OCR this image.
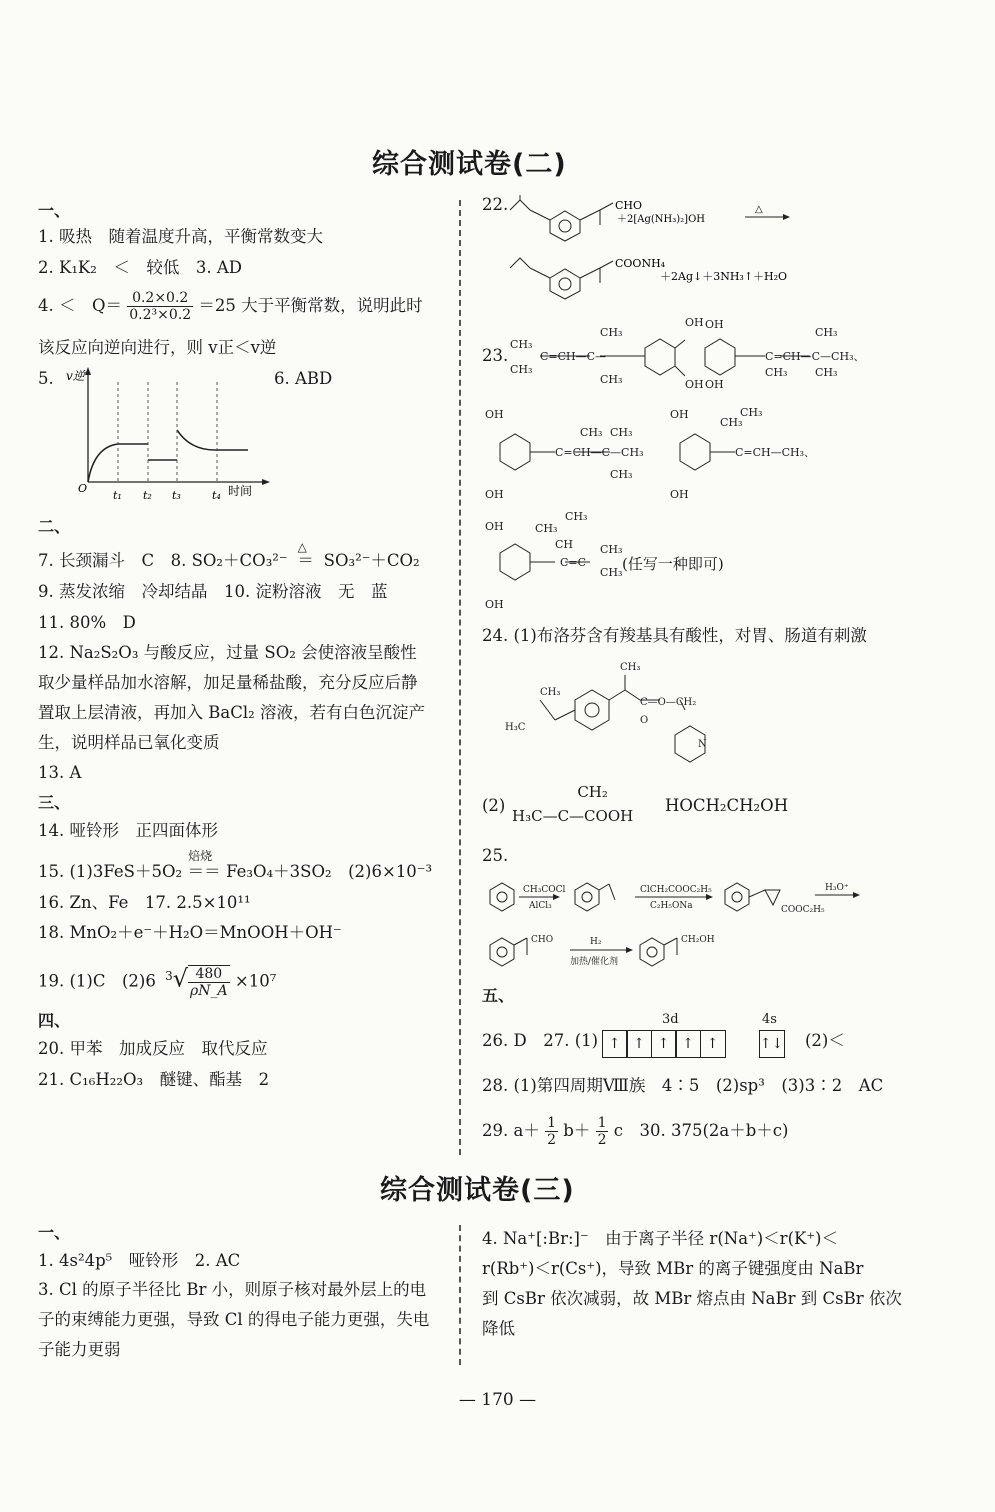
综合测试卷(二)
一、
1. 吸热　随着温度升高，平衡常数变大
2. K₁K₂　＜　较低　3. AD
4. ＜　$Q= \frac{0.2\times 0.2}{\text{0.2³×0.2}} =25$ 大于平衡常数，说明此时
该反应向逆向进行，则 v正＜v逆
5.	6. ABD
v逆
O
t₁ t₂ t₃	t₄ 时间
二、
7. 长颈漏斗　C　8. SO₂＋CO₃²⁻
△
＝ SO₃²⁻＋CO₂
9. 蒸发浓缩　冷却结晶　10. 淀粉溶液　无　蓝
11. 80%　D
12. Na₂S₂O₃ 与酸反应，过量 SO₂ 会使溶液呈酸性
取少量样品加水溶解，加足量稀盐酸，充分反应后静
置取上层清液，再加入 BaCl₂ 溶液，若有白色沉淀产
生，说明样品已氧化变质
13. A
三、
14. 哑铃形　正四面体形
15. (1)3FeS＋5O₂
焙烧
＝＝ Fe₃O₄＋3SO₂　(2)6×10⁻³
16. Zn、Fe　17. 2.5×10¹¹
18. MnO₂＋e⁻＋H₂O＝MnOOH＋OH⁻
19. (1)C　(2)6 $^3√ \frac{480}{\rho N\_A} \times 10^7$
四、
20. 甲苯　加成反应　取代反应
21. C₁₆H₂₂O₃　醚键、酯基　2
22.	CHO
＋2[Ag(NH₃)₂]OH
△
COONH₄
＋2Ag↓＋3NH₃↑＋H₂O
23.
CH₃
CH₃
C=CH—C—
CH₃
CH₃
OH
OH
OH
OH
C=CH—C—CH₃、
CH₃
CH₃
CH₃
OH
OH
C=CH—C—CH₃
CH₃ CH₃
CH₃
OH
OH
CH₃
CH₃
C=CH—CH₃、
OH
OH
CH₃
CH₃
CH
C=C
CH₃
CH₃ (任写一种即可)
24. (1)布洛芬含有羧基具有酸性，对胃、肠道有刺激
CH₃
H₃C
CH₃
C—O—CH₂
O
N
(2)
CH₂
H₃C—C—COOH
HOCH₂CH₂OH
25.
CH₃COCl
AlCl₃
ClCH₂COOC₂H₅
C₂H₅ONa
H₃O⁺
H₂
加热/催化剂
COOC₂H₅
CHO	CH₂OH
五、
26. D　27. (1)
3d	4s
↑ ↑ ↑ ↑ ↑	↑↓ (2)＜
28. (1)第四周期Ⅷ族　4∶5　(2)sp³　(3)3∶2　AC
29. $a+ \frac{1}{2} b+ \frac{1}{2}$ c　30. 375(2a＋b＋c)
综合测试卷(三)
一、
1. 4s²4p⁵　哑铃形　2. AC
3. Cl 的原子半径比 Br 小，则原子核对最外层上的电
子的束缚能力更强，导致 Cl 的得电子能力更强，失电
子能力更弱
4. Na⁺[:Br:]⁻　由于离子半径 r(Na⁺)＜r(K⁺)＜
r(Rb⁺)＜r(Cs⁺)，导致 MBr 的离子键强度由 NaBr
到 CsBr 依次减弱，故 MBr 熔点由 NaBr 到 CsBr 依次
降低
— 170 —
